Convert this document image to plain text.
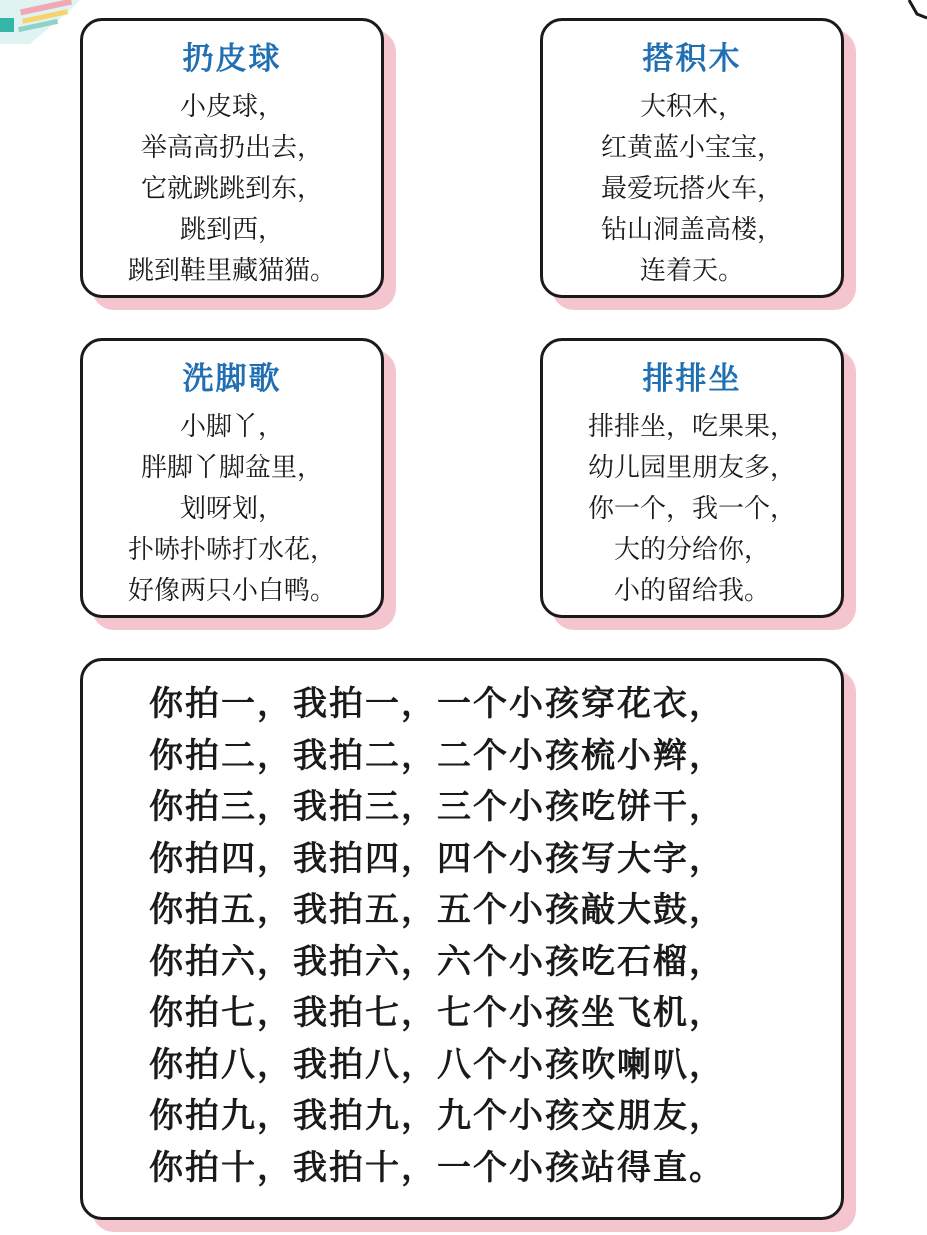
扔皮球
小皮球，
举高高扔出去，
它就跳跳到东，
跳到西，
跳到鞋里藏猫猫。
搭积木
大积木，
红黄蓝小宝宝，
最爱玩搭火车，
钻山洞盖高楼，
连着天。
洗脚歌
小脚丫，
胖脚丫脚盆里，
划呀划，
扑哧扑哧打水花，
好像两只小白鸭。
排排坐
排排坐，吃果果，
幼儿园里朋友多，
你一个，我一个，
大的分给你，
小的留给我。
你拍一，我拍一，一个小孩穿花衣，
你拍二，我拍二，二个小孩梳小辫，
你拍三，我拍三，三个小孩吃饼干，
你拍四，我拍四，四个小孩写大字，
你拍五，我拍五，五个小孩敲大鼓，
你拍六，我拍六，六个小孩吃石榴，
你拍七，我拍七，七个小孩坐飞机，
你拍八，我拍八，八个小孩吹喇叭，
你拍九，我拍九，九个小孩交朋友，
你拍十，我拍十，一个小孩站得直。
